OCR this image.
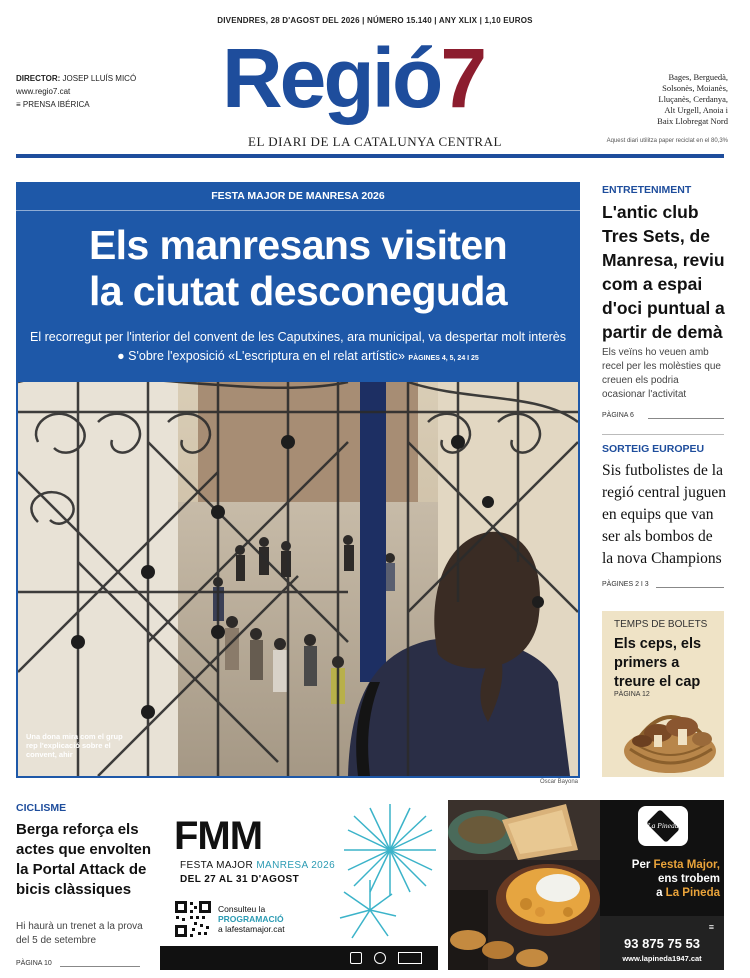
DIVENDRES, 28 D'AGOST DEL 2026 | NÚMERO 15.140 | ANY XLIX | 1,10 EUROS
Regió7
EL DIARI DE LA CATALUNYA CENTRAL
DIRECTOR: JOSEP LLUÍS MICÓ
www.regio7.cat
≡ PRENSA IBÉRICA
Bages, Berguedà,
Solsonès, Moianès,
Lluçanès, Cerdanya,
Alt Urgell, Anoia i
Baix Llobregat Nord
Aquest diari utilitza paper reciclat en el 80,3%
FESTA MAJOR DE MANRESA 2026
Els manresans visiten
la ciutat desconeguda
El recorregut per l'interior del convent de les Caputxines, ara municipal, va despertar molt interès ● S'obre l'exposició «L'escriptura en el relat artístic» PÀGINES 4, 5, 24 I 25
Una dona mira com el grup rep l'explicació sobre el convent, ahir
Oscar Bayona
ENTRETENIMENT
L'antic club Tres Sets, de Manresa, reviu com a espai d'oci puntual a partir de demà
Els veïns ho veuen amb recel per les molèsties que creuen els podria ocasionar l'activitat
PÀGINA 6
SORTEIG EUROPEU
Sis futbolistes de la regió central juguen en equips que van ser als bombos de la nova Champions
PÀGINES 2 I 3
TEMPS DE BOLETS
Els ceps, els primers a treure el cap
PÀGINA 12
CICLISME
Berga reforça els actes que envolten la Portal Attack de bicis clàssiques
Hi haurà un trenet a la prova del 5 de setembre
PÀGINA 10
FMM
FESTA MAJOR MANRESA 2026
DEL 27 AL 31 D'AGOST
Consulteu la
PROGRAMACIÓ
a lafestamajor.cat
La Pineda
Per Festa Major,
ens trobem
a La Pineda
≡
93 875 75 53
www.lapineda1947.cat
